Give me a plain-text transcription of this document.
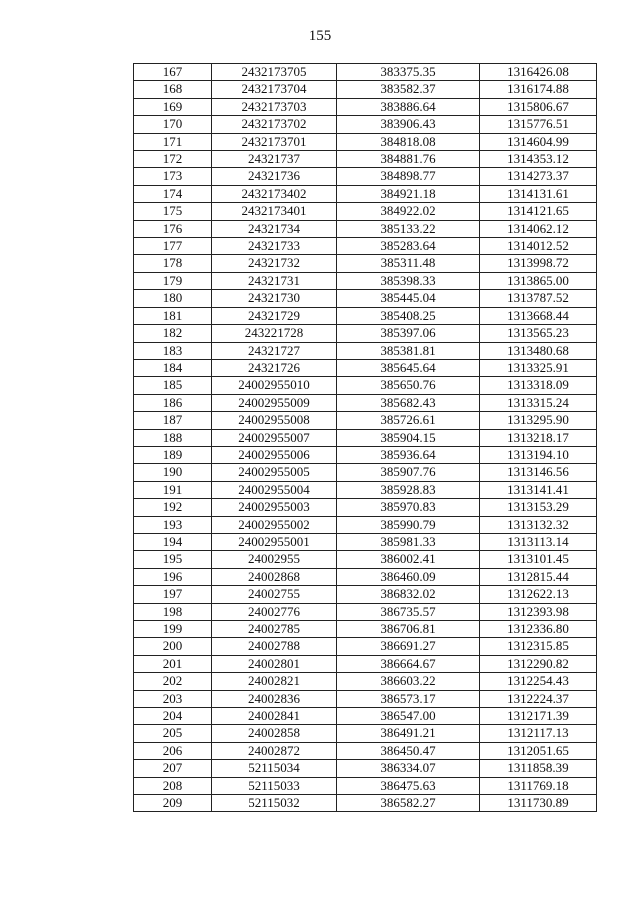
155
167	2432173705	383375.35	1316426.08
168	2432173704	383582.37	1316174.88
169	2432173703	383886.64	1315806.67
170	2432173702	383906.43	1315776.51
171	2432173701	384818.08	1314604.99
172	24321737	384881.76	1314353.12
173	24321736	384898.77	1314273.37
174	2432173402	384921.18	1314131.61
175	2432173401	384922.02	1314121.65
176	24321734	385133.22	1314062.12
177	24321733	385283.64	1314012.52
178	24321732	385311.48	1313998.72
179	24321731	385398.33	1313865.00
180	24321730	385445.04	1313787.52
181	24321729	385408.25	1313668.44
182	243221728	385397.06	1313565.23
183	24321727	385381.81	1313480.68
184	24321726	385645.64	1313325.91
185	24002955010	385650.76	1313318.09
186	24002955009	385682.43	1313315.24
187	24002955008	385726.61	1313295.90
188	24002955007	385904.15	1313218.17
189	24002955006	385936.64	1313194.10
190	24002955005	385907.76	1313146.56
191	24002955004	385928.83	1313141.41
192	24002955003	385970.83	1313153.29
193	24002955002	385990.79	1313132.32
194	24002955001	385981.33	1313113.14
195	24002955	386002.41	1313101.45
196	24002868	386460.09	1312815.44
197	24002755	386832.02	1312622.13
198	24002776	386735.57	1312393.98
199	24002785	386706.81	1312336.80
200	24002788	386691.27	1312315.85
201	24002801	386664.67	1312290.82
202	24002821	386603.22	1312254.43
203	24002836	386573.17	1312224.37
204	24002841	386547.00	1312171.39
205	24002858	386491.21	1312117.13
206	24002872	386450.47	1312051.65
207	52115034	386334.07	1311858.39
208	52115033	386475.63	1311769.18
209	52115032	386582.27	1311730.89
